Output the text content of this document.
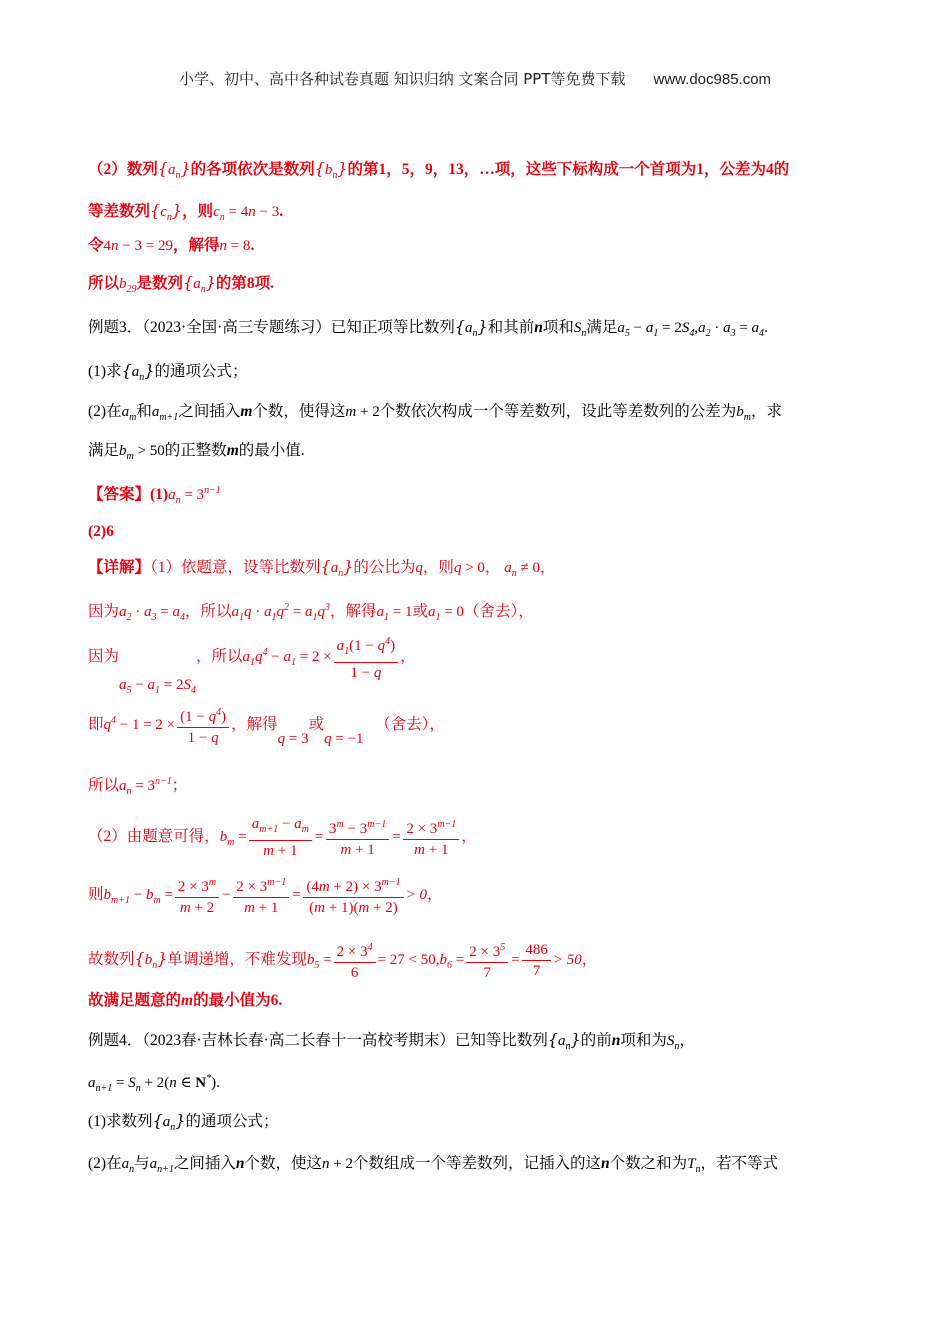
小学、初中、高中各种试卷真题 知识归纳 文案合同 PPT等免费下载 www.doc985.com
（2）数列$\{a_n\}$的各项依次是数列$\{b_n\}$的第1，5，9，13，…项，这些下标构成一个首项为1，公差为4的
等差数列$\{c_n\}$，则$c_n = 4n - 3$.
令4n − 3 = 29，解得n = 8.
所以$b_{29}$是数列$\{a_n\}$的第8项.
例题3．（2023·全国·高三专题练习）已知正项等比数列$\{a_n\}$和其前n项和$S_n$满足$a_5 - a_1 = 2S_4,a_2 \cdot a_3 = a_4$.
(1)求$\{a_n\}$的通项公式；
(2)在$a_m$和$a_{m+1}$之间插入m个数，使得这m + 2个数依次构成一个等差数列，设此等差数列的公差为$b_m$，求
满足$b_m > 50$的正整数m的最小值.
【答案】$(1)a_n = 3^{n-1}$
(2)6
【详解】（1）依题意，设等比数列$\{a_n\}$的公比为q，则q > 0， $a_n \ne 0$，
因为$a_2 \cdot a_3 = a_4$，所以$a_1q \cdot a_1q^2 = a_1q^3$，解得$a_1 = 1$或$a_1 = 0$（舍去），
因为$a_5 - a_1 = 2S_4$，所以$a_1q^4 - a_1 = 2 \times \frac{a_1(1 - q^4)}{1 - q}$ ，
即$q^4 - 1 = 2 \times \frac{(1 - q^4)}{1 - q}$ ，解得q = 3或q = −1   （舍去），
所以$a_n = 3^{n-1}$；
（2）由题意可得，$b_m = \frac{a_{m+1} - a_m}{m + 1} = \frac{3^m - 3^{m-1}}{m + 1} = \frac{2 \times 3^{m-1}}{m + 1}$ ，
则$b_{m+1} - b_m = \frac{2 \times 3^m}{m + 2} - \frac{2 \times 3^{m-1}}{m + 1} = \frac{(4m + 2) \times 3^{m-1}}{(m + 1)(m + 2)} > 0$，
故数列$\{b_n\}$单调递增，不难发现$b_5 = \frac{2 \times 3^4}{6} = 27 < 50,b_6 = \frac{2 \times 3^5}{7} = \frac{486}{7} > 50$，
故满足题意的m的最小值为6.
例题4．（2023春·吉林长春·高二长春十一高校考期末）已知等比数列$\{a_n\}$的前n项和为$S_n$，
$a_{n+1} = S_n + 2(n$ ∈ N*).
(1)求数列$\{a_n\}$的通项公式；
(2)在$a_n$与$a_{n+1}$之间插入n个数，使这n + 2个数组成一个等差数列，记插入的这n个数之和为$T_n$，若不等式
